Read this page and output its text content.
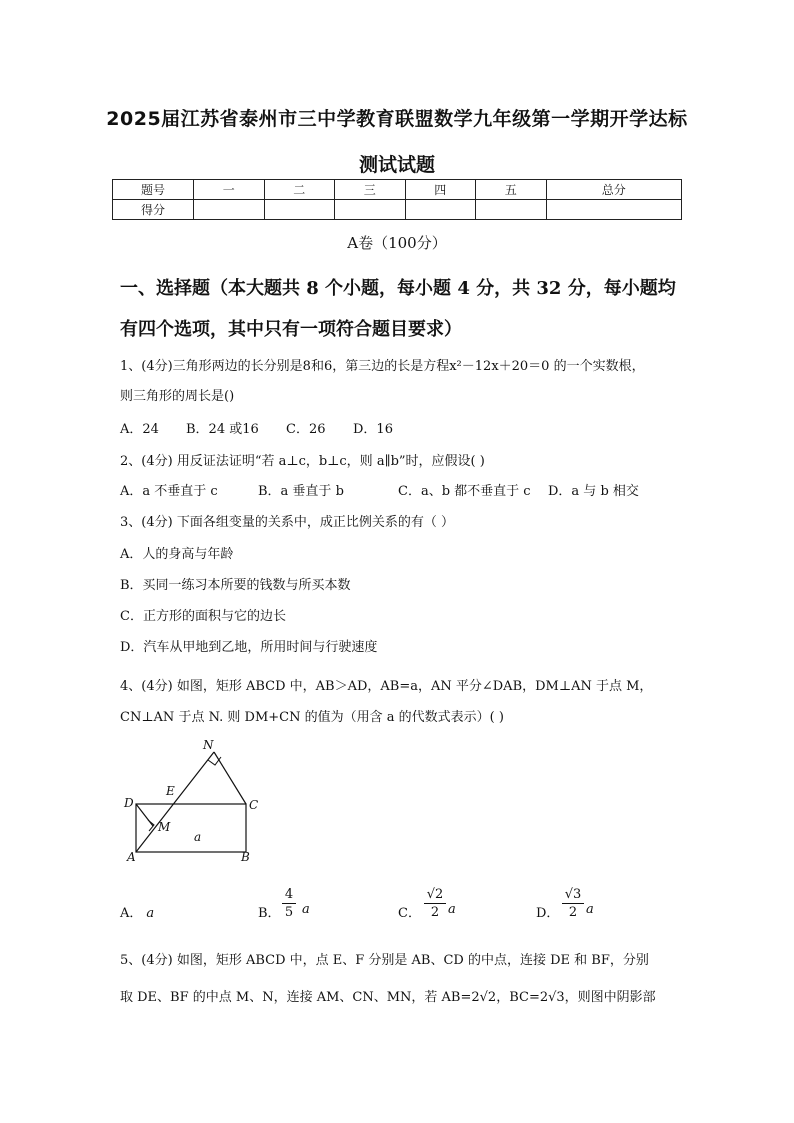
2025届江苏省泰州市三中学教育联盟数学九年级第一学期开学达标
测试试题
题号	一	二	三	四	五	总分
得分						
A卷（100分）
一、选择题（本大题共 8 个小题，每小题 4 分，共 32 分，每小题均
有四个选项，其中只有一项符合题目要求）
1、(4分)三角形两边的长分别是8和6，第三边的长是方程x²－12x＋20＝0 的一个实数根，
则三角形的周长是()
A．24 B．24 或16 C．26 D．16
2、(4分) 用反证法证明“若 a⊥c，b⊥c，则 a∥b”时，应假设( )
A．a 不垂直于 c	B．a 垂直于 b	C．a、b 都不垂直于 c D．a 与 b 相交
3、(4分) 下面各组变量的关系中，成正比例关系的有（ ）
A．人的身高与年龄
B．买同一练习本所要的钱数与所买本数
C．正方形的面积与它的边长
D．汽车从甲地到乙地，所用时间与行驶速度
4、(4分) 如图，矩形 ABCD 中，AB＞AD，AB=a，AN 平分∠DAB，DM⊥AN 于点 M，
CN⊥AN 于点 N. 则 DM+CN 的值为（用含 a 的代数式表示）( )
N
E
D	C
M
a
A	B
A． a	B．
4
5 a	C．
√2
2 a	D．
√3
2 a
5、(4分) 如图，矩形 ABCD 中，点 E、F 分别是 AB、CD 的中点，连接 DE 和 BF，分别
取 DE、BF 的中点 M、N，连接 AM、CN、MN，若 AB=2√2，BC=2√3，则图中阴影部
